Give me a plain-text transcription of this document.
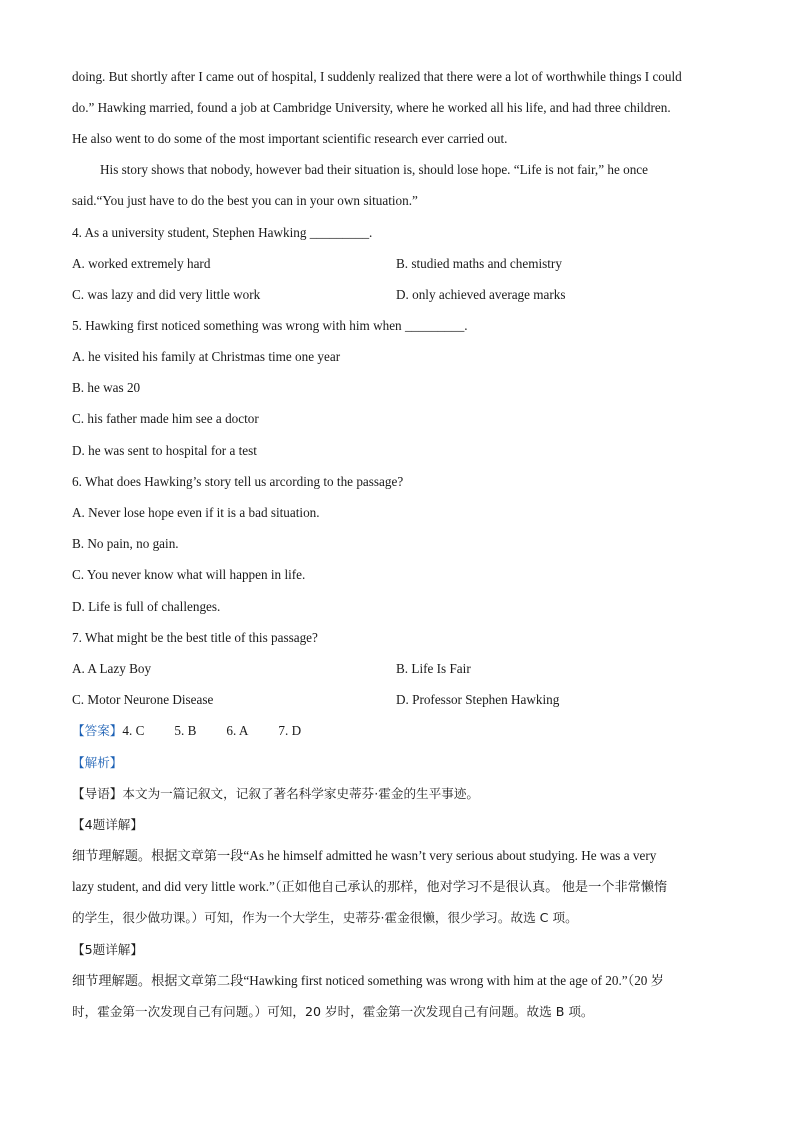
doing. But shortly after I came out of hospital, I suddenly realized that there were a lot of worthwhile things I could
do.” Hawking married, found a job at Cambridge University, where he worked all his life, and had three children.
He also went to do some of the most important scientific research ever carried out.
His story shows that nobody, however bad their situation is, should lose hope. “Life is not fair,” he once
said.“You just have to do the best you can in your own situation.”
4. As a university student, Stephen Hawking _________.
A. worked extremely hard	B. studied maths and chemistry
C. was lazy and did very little work	D. only achieved average marks
5. Hawking first noticed something was wrong with him when _________.
A. he visited his family at Christmas time one year
B. he was 20
C. his father made him see a doctor
D. he was sent to hospital for a test
6. What does Hawking’s story tell us arcording to the passage?
A. Never lose hope even if it is a bad situation.
B. No pain, no gain.
C. You never know what will happen in life.
D. Life is full of challenges.
7. What might be the best title of this passage?
A. A Lazy Boy	B. Life Is Fair
C. Motor Neurone Disease	D. Professor Stephen Hawking
【答案】4. C 5. B 6. A 7. D
【解析】
【导语】本文为一篇记叙文，记叙了著名科学家史蒂芬·霍金的生平事迹。
【4题详解】
细节理解题。根据文章第一段“As he himself admitted he wasn’t very serious about studying. He was a very
lazy student, and did very little work.”（正如他自己承认的那样，他对学习不是很认真。 他是一个非常懒惰
的学生，很少做功课。）可知，作为一个大学生，史蒂芬·霍金很懒，很少学习。故选 C 项。
【5题详解】
细节理解题。根据文章第二段“Hawking first noticed something was wrong with him at the age of 20.”（20 岁
时，霍金第一次发现自己有问题。）可知，20 岁时，霍金第一次发现自己有问题。故选 B 项。
